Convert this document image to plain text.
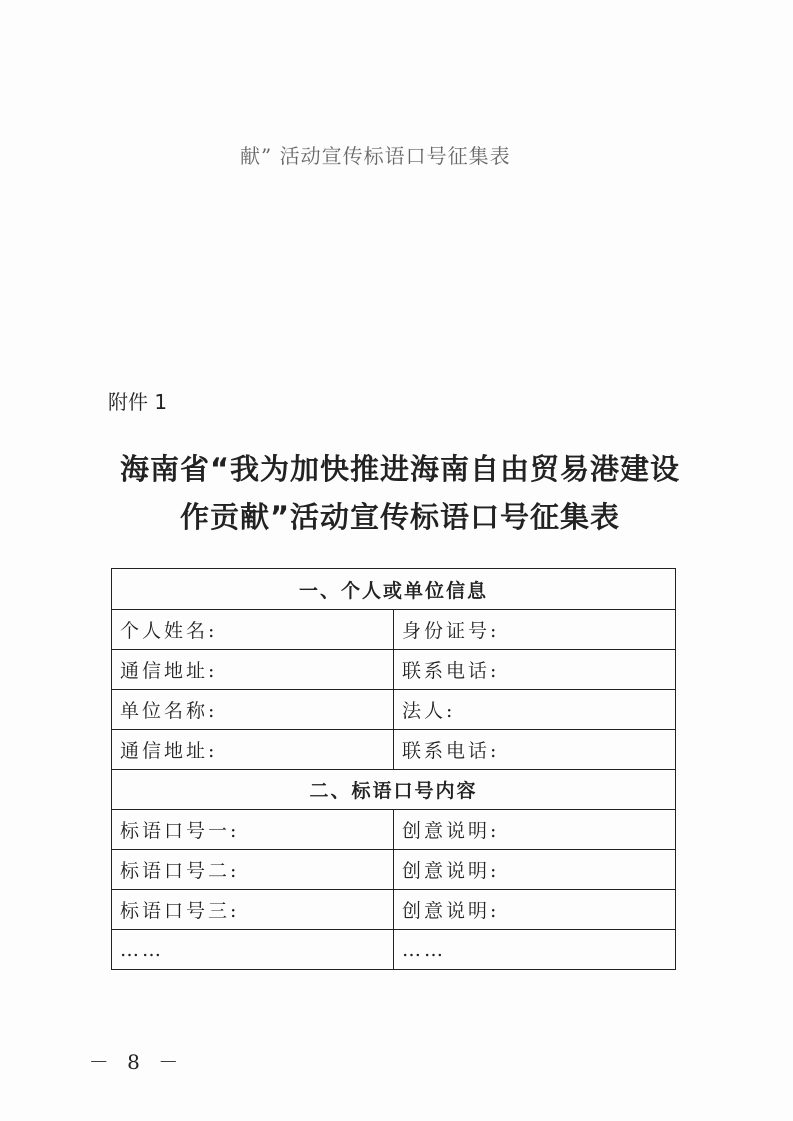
献” 活动宣传标语口号征集表
附件 1
海南省“我为加快推进海南自由贸易港建设
作贡献”活动宣传标语口号征集表
一、个人或单位信息	
个人姓名:	身份证号:
通信地址:	联系电话:
单位名称:	法人:
通信地址:	联系电话:
二、标语口号内容	
标语口号一:	创意说明:
标语口号二:	创意说明:
标语口号三:	创意说明:
……	……
－ 8 －
